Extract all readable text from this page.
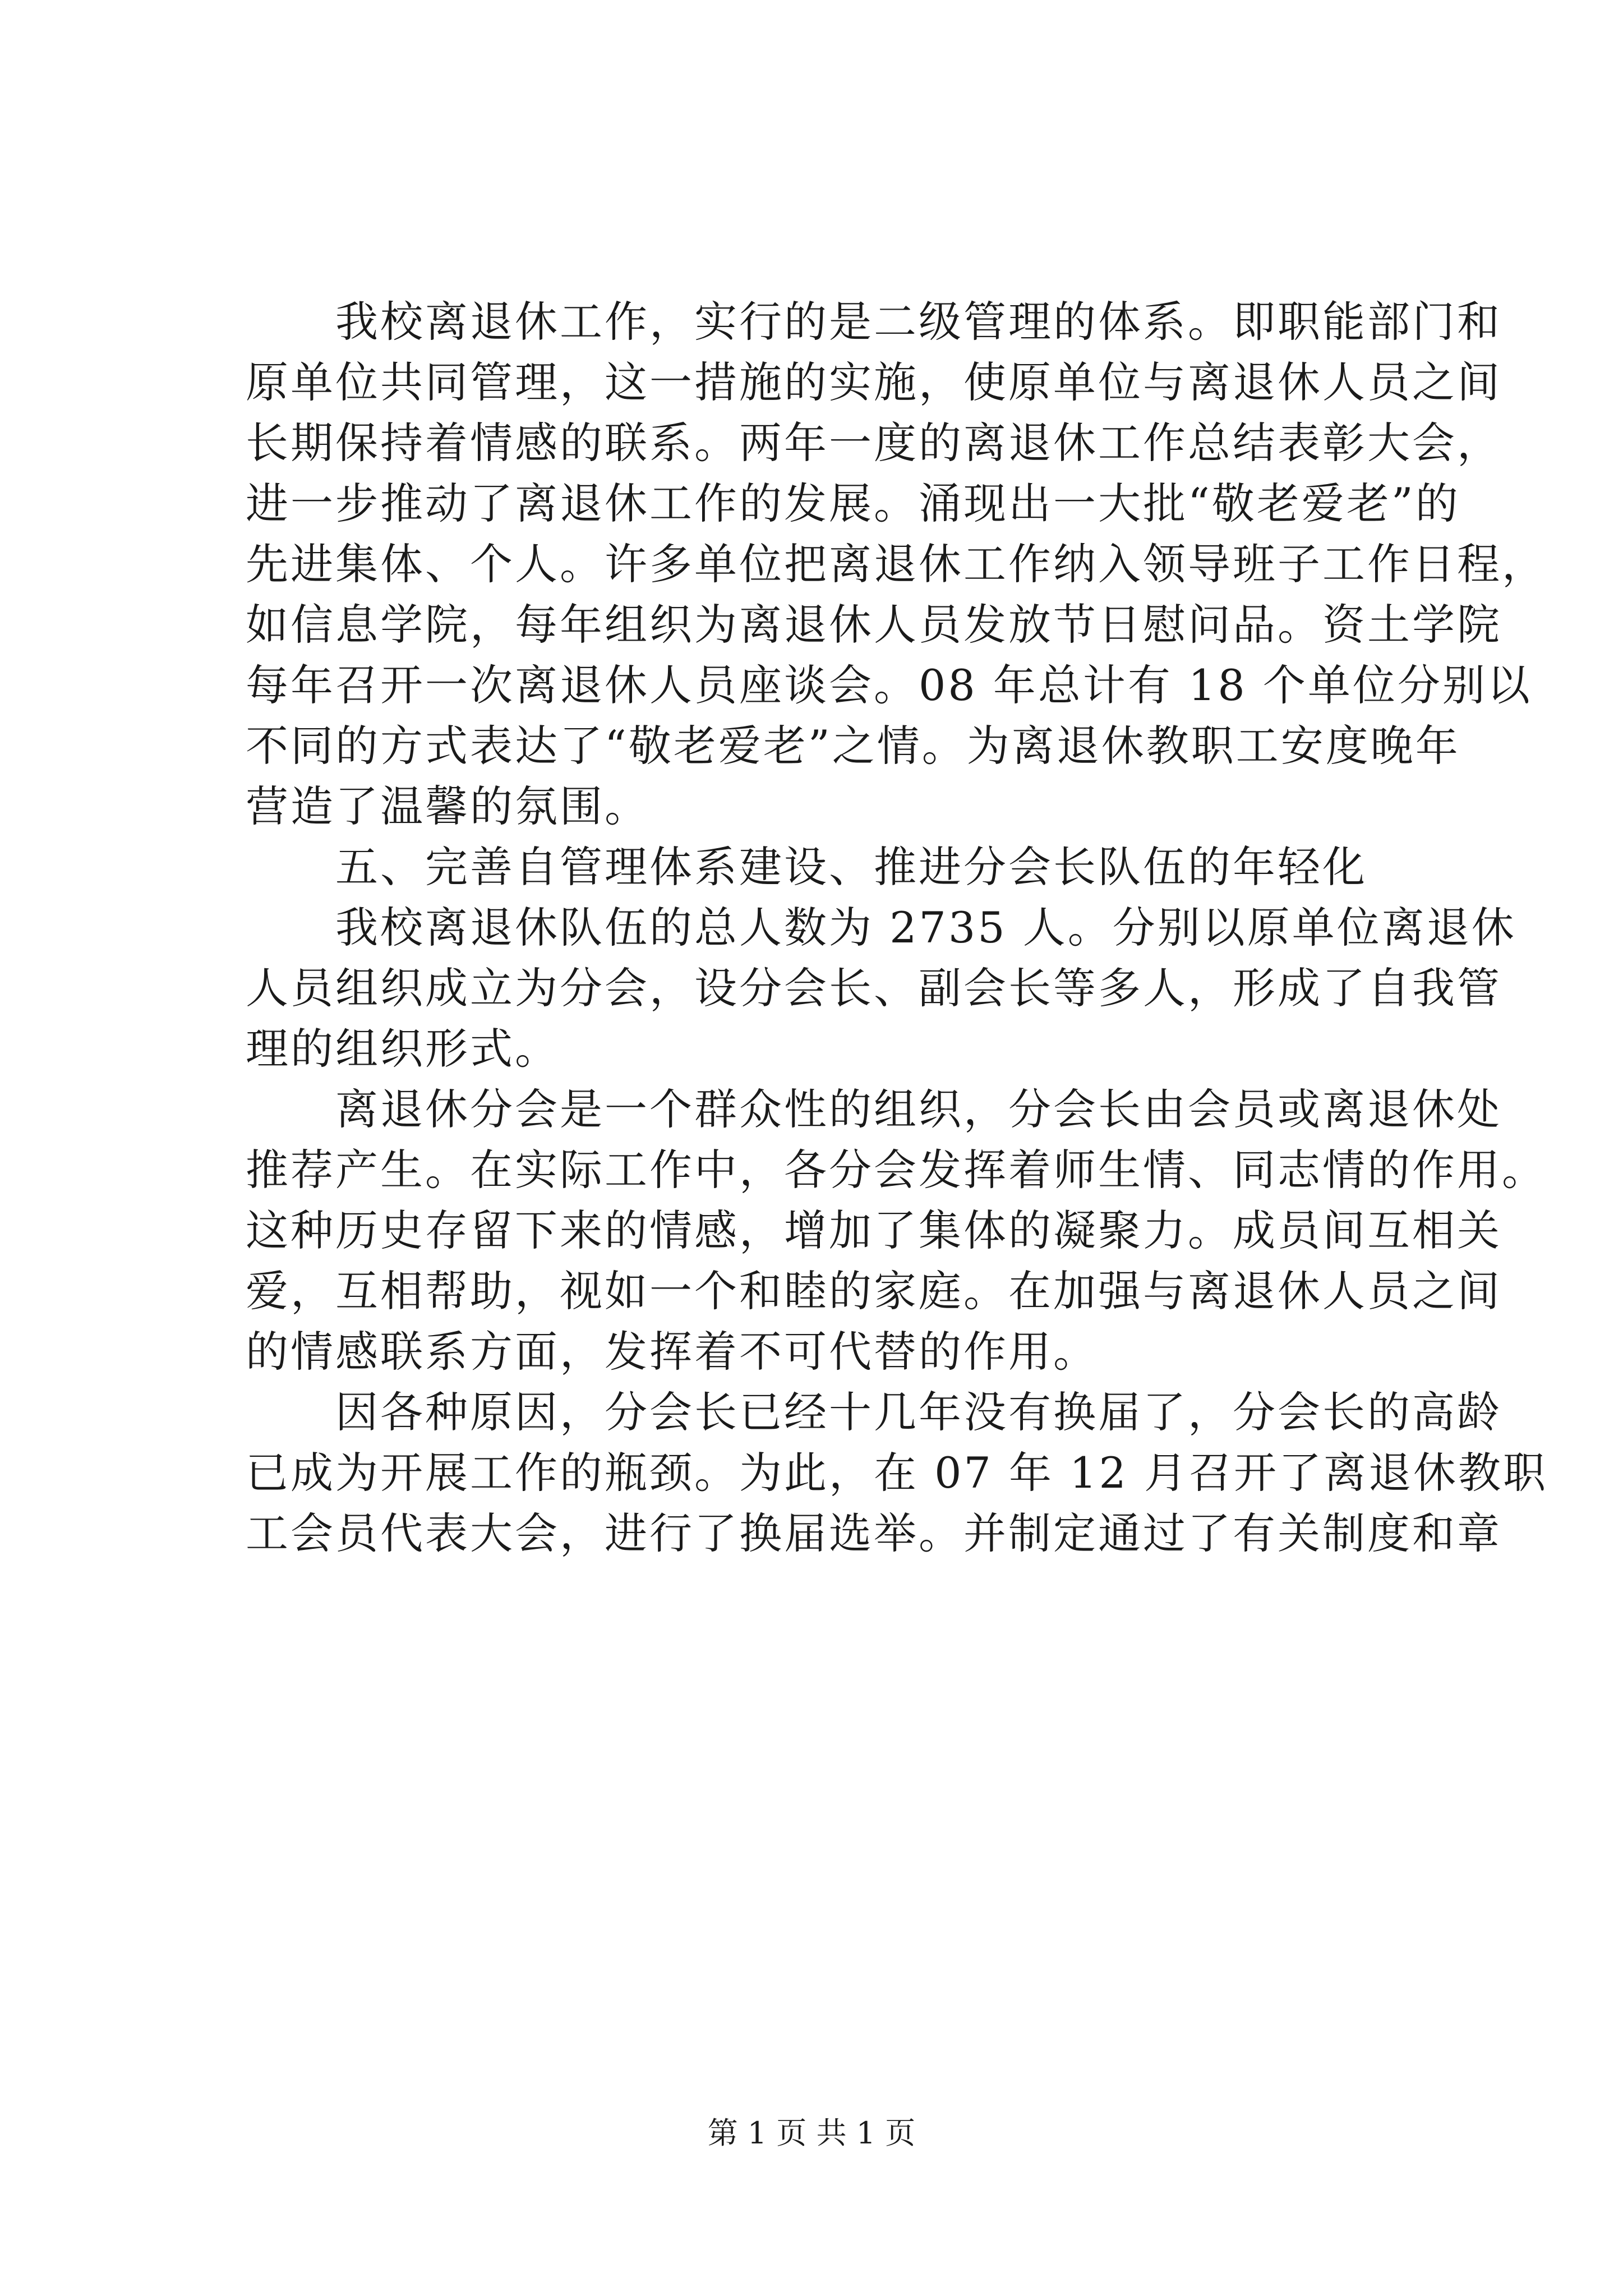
　　我校离退休工作，实行的是二级管理的体系。即职能部门和

原单位共同管理，这一措施的实施，使原单位与离退休人员之间

长期保持着情感的联系。两年一度的离退休工作总结表彰大会，

进一步推动了离退休工作的发展。涌现出一大批“敬老爱老”的

先进集体、个人。许多单位把离退休工作纳入领导班子工作日程，

如信息学院，每年组织为离退休人员发放节日慰问品。资土学院

每年召开一次离退休人员座谈会。08 年总计有 18 个单位分别以

不同的方式表达了“敬老爱老”之情。为离退休教职工安度晚年

营造了温馨的氛围。

　　五、完善自管理体系建设、推进分会长队伍的年轻化

　　我校离退休队伍的总人数为 2735 人。分别以原单位离退休

人员组织成立为分会，设分会长、副会长等多人，形成了自我管

理的组织形式。

　　离退休分会是一个群众性的组织，分会长由会员或离退休处

推荐产生。在实际工作中，各分会发挥着师生情、同志情的作用。

这种历史存留下来的情感，增加了集体的凝聚力。成员间互相关

爱，互相帮助，视如一个和睦的家庭。在加强与离退休人员之间

的情感联系方面，发挥着不可代替的作用。

　　因各种原因，分会长已经十几年没有换届了，分会长的高龄

已成为开展工作的瓶颈。为此，在 07 年 12 月召开了离退休教职

工会员代表大会，进行了换届选举。并制定通过了有关制度和章

第 1 页 共 1 页
